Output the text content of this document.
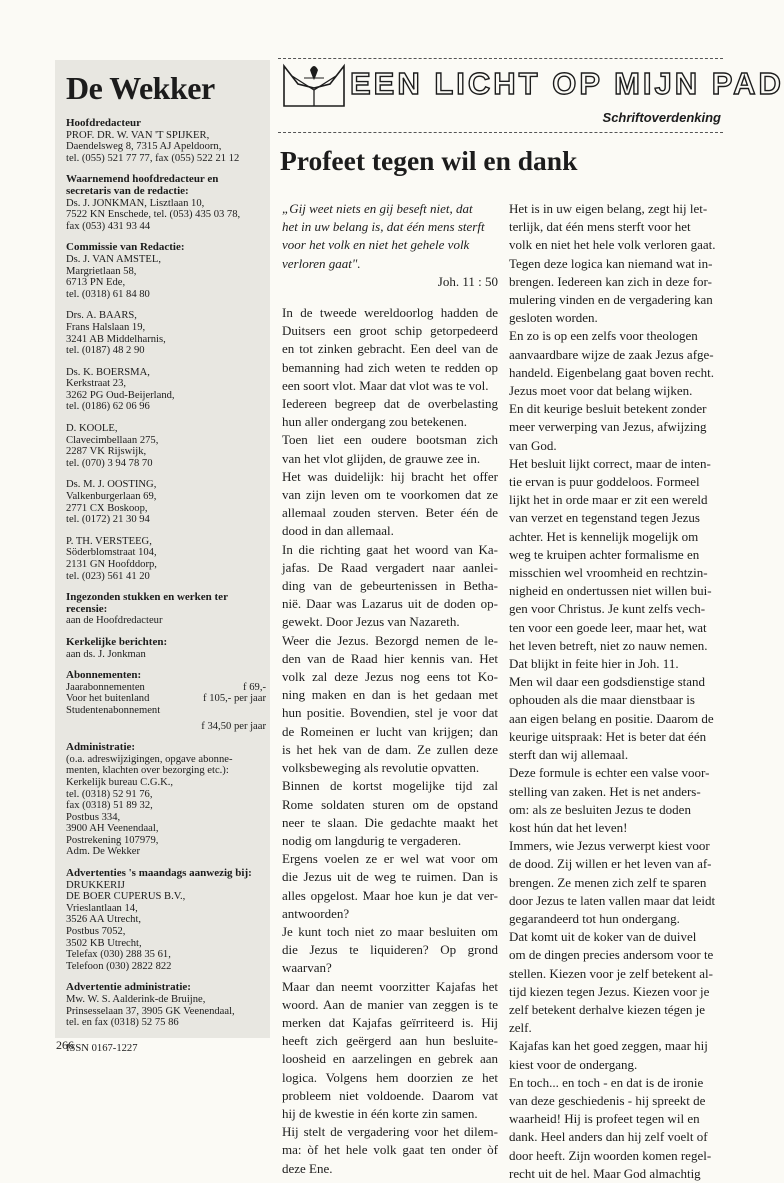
De Wekker
Hoofdredacteur
PROF. DR. W. VAN 'T SPIJKER,
Daendelsweg 8, 7315 AJ Apeldoorn,
tel. (055) 521 77 77, fax (055) 522 21 12
Waarnemend hoofdredacteur en secretaris van de redactie:
Ds. J. JONKMAN, Lisztlaan 10,
7522 KN Enschede, tel. (053) 435 03 78,
fax (053) 431 93 44
Commissie van Redactie:
Ds. J. VAN AMSTEL,
Margrietlaan 58,
6713 PN Ede,
tel. (0318) 61 84 80
Drs. A. BAARS,
Frans Halslaan 19,
3241 AB Middelharnis,
tel. (0187) 48 2 90
Ds. K. BOERSMA,
Kerkstraat 23,
3262 PG Oud-Beijerland,
tel. (0186) 62 06 96
D. KOOLE,
Clavecimbellaan 275,
2287 VK Rijswijk,
tel. (070) 3 94 78 70
Ds. M. J. OOSTING,
Valkenburgerlaan 69,
2771 CX Boskoop,
tel. (0172) 21 30 94
P. TH. VERSTEEG,
Söderblomstraat 104,
2131 GN Hoofddorp,
tel. (023) 561 41 20
Ingezonden stukken en werken ter recensie:
aan de Hoofdredacteur
Kerkelijke berichten:
aan ds. J. Jonkman
Abonnementen:
Jaarabonnementen	f 69,-
Voor het buitenland	f 105,- per jaar
Studentenabonnement
f 34,50 per jaar
Administratie:
(o.a. adreswijzigingen, opgave abonne-
menten, klachten over bezorging etc.):
Kerkelijk bureau C.G.K.,
tel. (0318) 52 91 76,
fax (0318) 51 89 32,
Postbus 334,
3900 AH Veenendaal,
Postrekening 107979,
Adm. De Wekker
Advertenties 's maandags aanwezig bij:
DRUKKERIJ
DE BOER CUPERUS B.V.,
Vrieslantlaan 14,
3526 AA Utrecht,
Postbus 7052,
3502 KB Utrecht,
Telefax (030) 288 35 61,
Telefoon (030) 2822 822
Advertentie administratie:
Mw. W. S. Aalderink-de Bruijne,
Prinsesselaan 37, 3905 GK Veenendaal,
tel. en fax (0318) 52 75 86
ISSN 0167-1227
266
EEN LICHT OP MIJN PAD
Schriftoverdenking
Profeet tegen wil en dank

„Gij weet niets en gij beseft niet, dat

het in uw belang is, dat één mens sterft

voor het volk en niet het gehele volk

verloren gaat".

Joh. 11 : 50

In de tweede wereldoorlog hadden de

Duitsers een groot schip getorpedeerd

en tot zinken gebracht. Een deel van de

bemanning had zich weten te redden op

een soort vlot. Maar dat vlot was te vol.

Iedereen begreep dat de overbelasting

hun aller ondergang zou betekenen.

Toen liet een oudere bootsman zich

van het vlot glijden, de grauwe zee in.

Het was duidelijk: hij bracht het offer

van zijn leven om te voorkomen dat ze

allemaal zouden sterven. Beter één de

dood in dan allemaal.

In die richting gaat het woord van Ka-

jafas. De Raad vergadert naar aanlei-

ding van de gebeurtenissen in Betha-

nië. Daar was Lazarus uit de doden op-

gewekt. Door Jezus van Nazareth.

Weer die Jezus. Bezorgd nemen de le-

den van de Raad hier kennis van. Het

volk zal deze Jezus nog eens tot Ko-

ning maken en dan is het gedaan met

hun positie. Bovendien, stel je voor dat

de Romeinen er lucht van krijgen; dan

is het hek van de dam. Ze zullen deze

volksbeweging als revolutie opvatten.

Binnen de kortst mogelijke tijd zal

Rome soldaten sturen om de opstand

neer te slaan. Die gedachte maakt het

nodig om langdurig te vergaderen.

Ergens voelen ze er wel wat voor om

die Jezus uit de weg te ruimen. Dan is

alles opgelost. Maar hoe kun je dat ver-

antwoorden?

Je kunt toch niet zo maar besluiten om

die Jezus te liquideren? Op grond

waarvan?

Maar dan neemt voorzitter Kajafas het

woord. Aan de manier van zeggen is te

merken dat Kajafas geïrriteerd is. Hij

heeft zich geërgerd aan hun besluite-

loosheid en aarzelingen en gebrek aan

logica. Volgens hem doorzien ze het

probleem niet voldoende. Daarom vat

hij de kwestie in één korte zin samen.

Hij stelt de vergadering voor het dilem-

ma: òf het hele volk gaat ten onder òf

deze Ene.

Het is in uw eigen belang, zegt hij let-

terlijk, dat één mens sterft voor het

volk en niet het hele volk verloren gaat.

Tegen deze logica kan niemand wat in-

brengen. Iedereen kan zich in deze for-

mulering vinden en de vergadering kan

gesloten worden.

En zo is op een zelfs voor theologen

aanvaardbare wijze de zaak Jezus afge-

handeld. Eigenbelang gaat boven recht.

Jezus moet voor dat belang wijken.

En dit keurige besluit betekent zonder

meer verwerping van Jezus, afwijzing

van God.

Het besluit lijkt correct, maar de inten-

tie ervan is puur goddeloos. Formeel

lijkt het in orde maar er zit een wereld

van verzet en tegenstand tegen Jezus

achter. Het is kennelijk mogelijk om

weg te kruipen achter formalisme en

misschien wel vroomheid en rechtzin-

nigheid en ondertussen niet willen bui-

gen voor Christus. Je kunt zelfs vech-

ten voor een goede leer, maar het, wat

het leven betreft, niet zo nauw nemen.

Dat blijkt in feite hier in Joh. 11.

Men wil daar een godsdienstige stand

ophouden als die maar dienstbaar is

aan eigen belang en positie. Daarom de

keurige uitspraak: Het is beter dat één

sterft dan wij allemaal.

Deze formule is echter een valse voor-

stelling van zaken. Het is net anders-

om: als ze besluiten Jezus te doden

kost hún dat het leven!

Immers, wie Jezus verwerpt kiest voor

de dood. Zij willen er het leven van af-

brengen. Ze menen zich zelf te sparen

door Jezus te laten vallen maar dat leidt

gegarandeerd tot hun ondergang.

Dat komt uit de koker van de duivel

om de dingen precies andersom voor te

stellen. Kiezen voor je zelf betekent al-

tijd kiezen tegen Jezus. Kiezen voor je

zelf betekent derhalve kiezen tégen je

zelf.

Kajafas kan het goed zeggen, maar hij

kiest voor de ondergang.

En toch... en toch - en dat is de ironie

van deze geschiedenis - hij spreekt de

waarheid! Hij is profeet tegen wil en

dank. Heel anders dan hij zelf voelt of

door heeft. Zijn woorden komen regel-

recht uit de hel. Maar God almachtig
